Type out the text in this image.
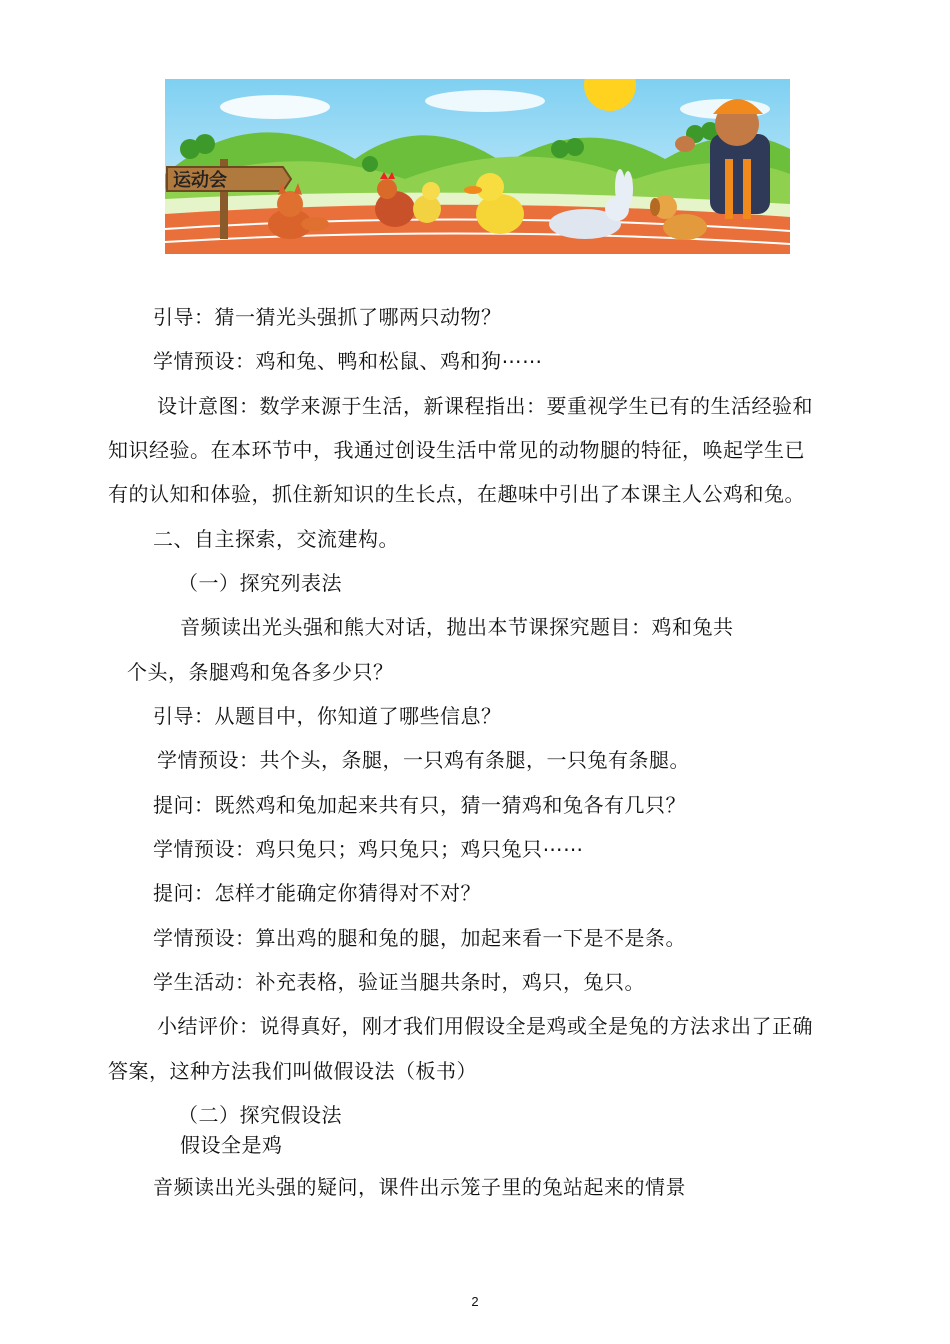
运动会
引导：猜一猜光头强抓了哪两只动物？
学情预设：鸡和兔、鸭和松鼠、鸡和狗⋯⋯
设计意图：数学来源于生活，新课程指出：要重视学生已有的生活经验和
知识经验。在本环节中，我通过创设生活中常见的动物腿的特征，唤起学生已
有的认知和体验，抓住新知识的生长点，在趣味中引出了本课主人公鸡和兔。
二、自主探索，交流建构。
（一）探究列表法
音频读出光头强和熊大对话，抛出本节课探究题目：鸡和兔共
个头，条腿鸡和兔各多少只？
引导：从题目中，你知道了哪些信息？
学情预设：共个头，条腿，一只鸡有条腿，一只兔有条腿。
提问：既然鸡和兔加起来共有只，猜一猜鸡和兔各有几只？
学情预设：鸡只兔只；鸡只兔只；鸡只兔只⋯⋯
提问：怎样才能确定你猜得对不对？
学情预设：算出鸡的腿和兔的腿，加起来看一下是不是条。
学生活动：补充表格，验证当腿共条时，鸡只，兔只。
小结评价：说得真好，刚才我们用假设全是鸡或全是兔的方法求出了正确
答案，这种方法我们叫做假设法（板书）
（二）探究假设法
假设全是鸡
音频读出光头强的疑问，课件出示笼子里的兔站起来的情景
2
